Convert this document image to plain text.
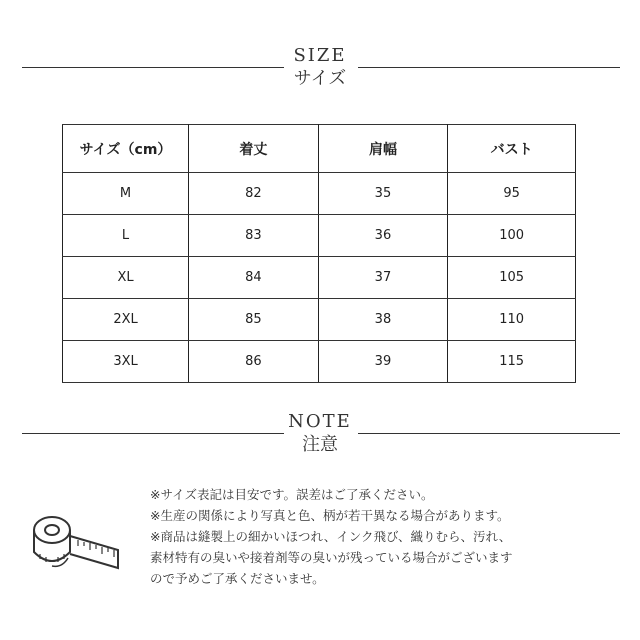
SIZE
サイズ
サイズ（cm）	着丈	肩幅	バスト
M	82	35	95
L	83	36	100
XL	84	37	105
2XL	85	38	110
3XL	86	39	115
NOTE
注意

※サイズ表記は目安です。誤差はご了承ください。

※生産の関係により写真と色、柄が若干異なる場合があります。

※商品は縫製上の細かいほつれ、インク飛び、織りむら、汚れ、

素材特有の臭いや接着剤等の臭いが残っている場合がございます

ので予めご了承くださいませ。
